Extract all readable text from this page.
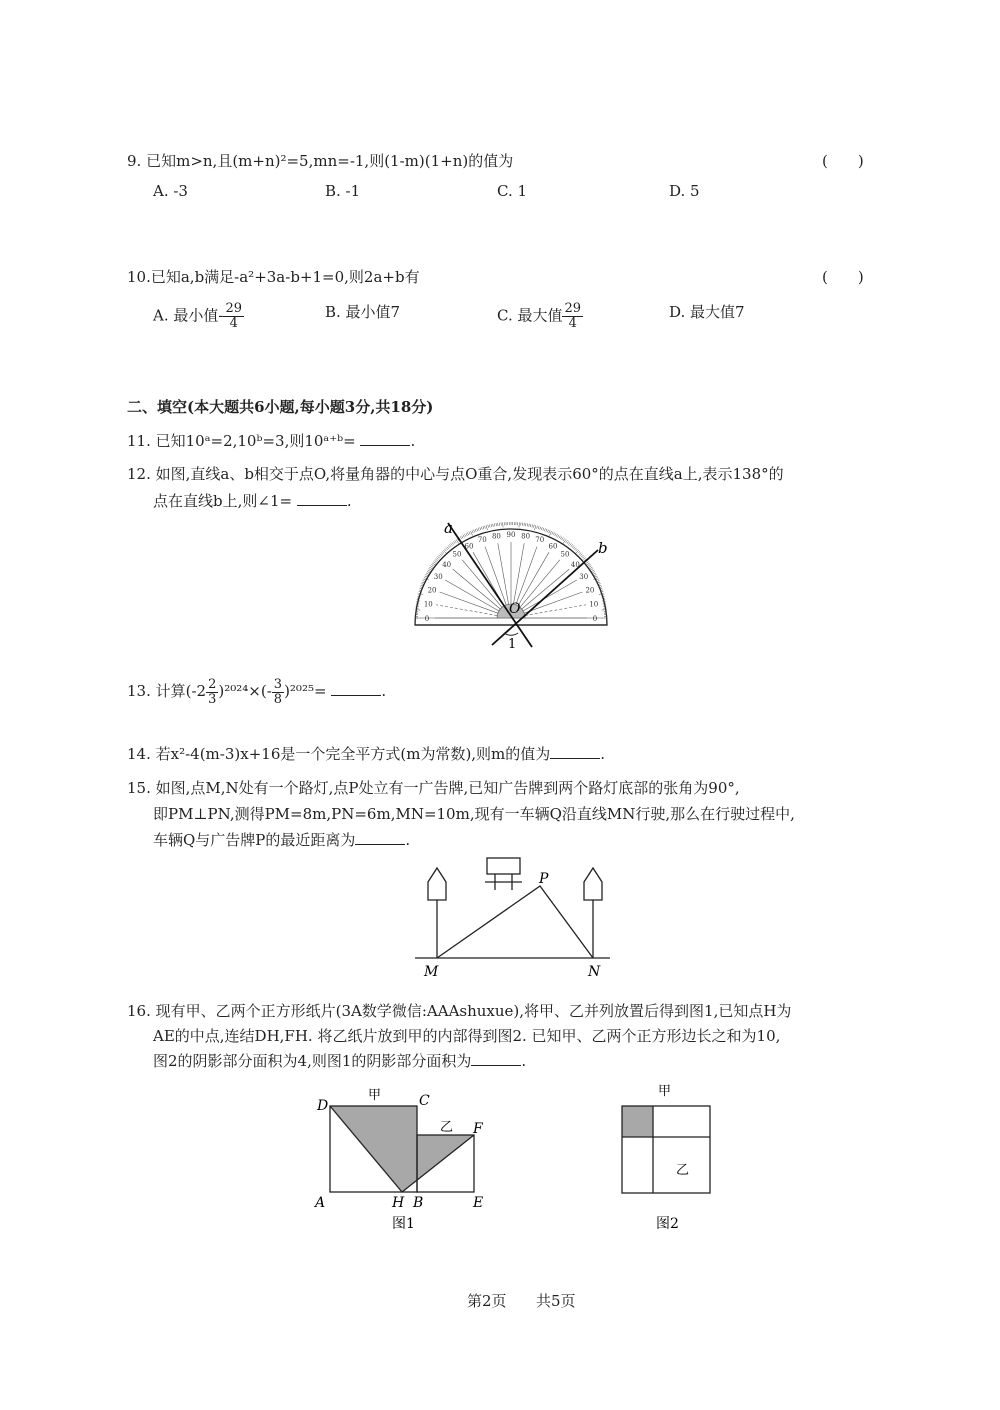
9. 已知m>n,且(m+n)²=5,mn=-1,则(1-m)(1+n)的值为	(　　)
A. -3	B. -1	C. 1	D. 5
10.已知a,b满足-a²+3a-b+1=0,则2a+b有	(　　)
A. 最小值- $\frac{29}{4}$	B. 最小值7	C. 最大值 $\frac{29}{4}$	D. 最大值7
二、填空(本大题共6小题,每小题3分,共18分)
11. 已知10ᵃ=2,10ᵇ=3,则10ᵃ⁺ᵇ=	.
12. 如图,直线a、b相交于点O,将量角器的中心与点O重合,发现表示60°的点在直线a上,表示138°的
点在直线b上,则∠1=	.
0
10
20
30
40
50
60
70 80 90 80 70
60
50
40
30
20
10
0
a
b
O
1
13. 计算$(-2 \frac{2}{3} )^{2024}\times(- \frac{3}{8} )^{2025}=$	.
14. 若x²-4(m-3)x+16是一个完全平方式(m为常数),则m的值为	.
15. 如图,点M,N处有一个路灯,点P处立有一广告牌,已知广告牌到两个路灯底部的张角为90°,
即PM⊥PN,测得PM=8m,PN=6m,MN=10m,现有一车辆Q沿直线MN行驶,那么在行驶过程中,
车辆Q与广告牌P的最近距离为	.
M	N
P
16. 现有甲、乙两个正方形纸片(3A数学微信:AAAshuxue),将甲、乙并列放置后得到图1,已知点H为
AE的中点,连结DH,FH. 将乙纸片放到甲的内部得到图2. 已知甲、乙两个正方形边长之和为10,
图2的阴影部分面积为4,则图1的阴影部分面积为	.
甲
乙
D	C
F
A	H B	E
图1
甲
乙
图2
第2页 共5页
